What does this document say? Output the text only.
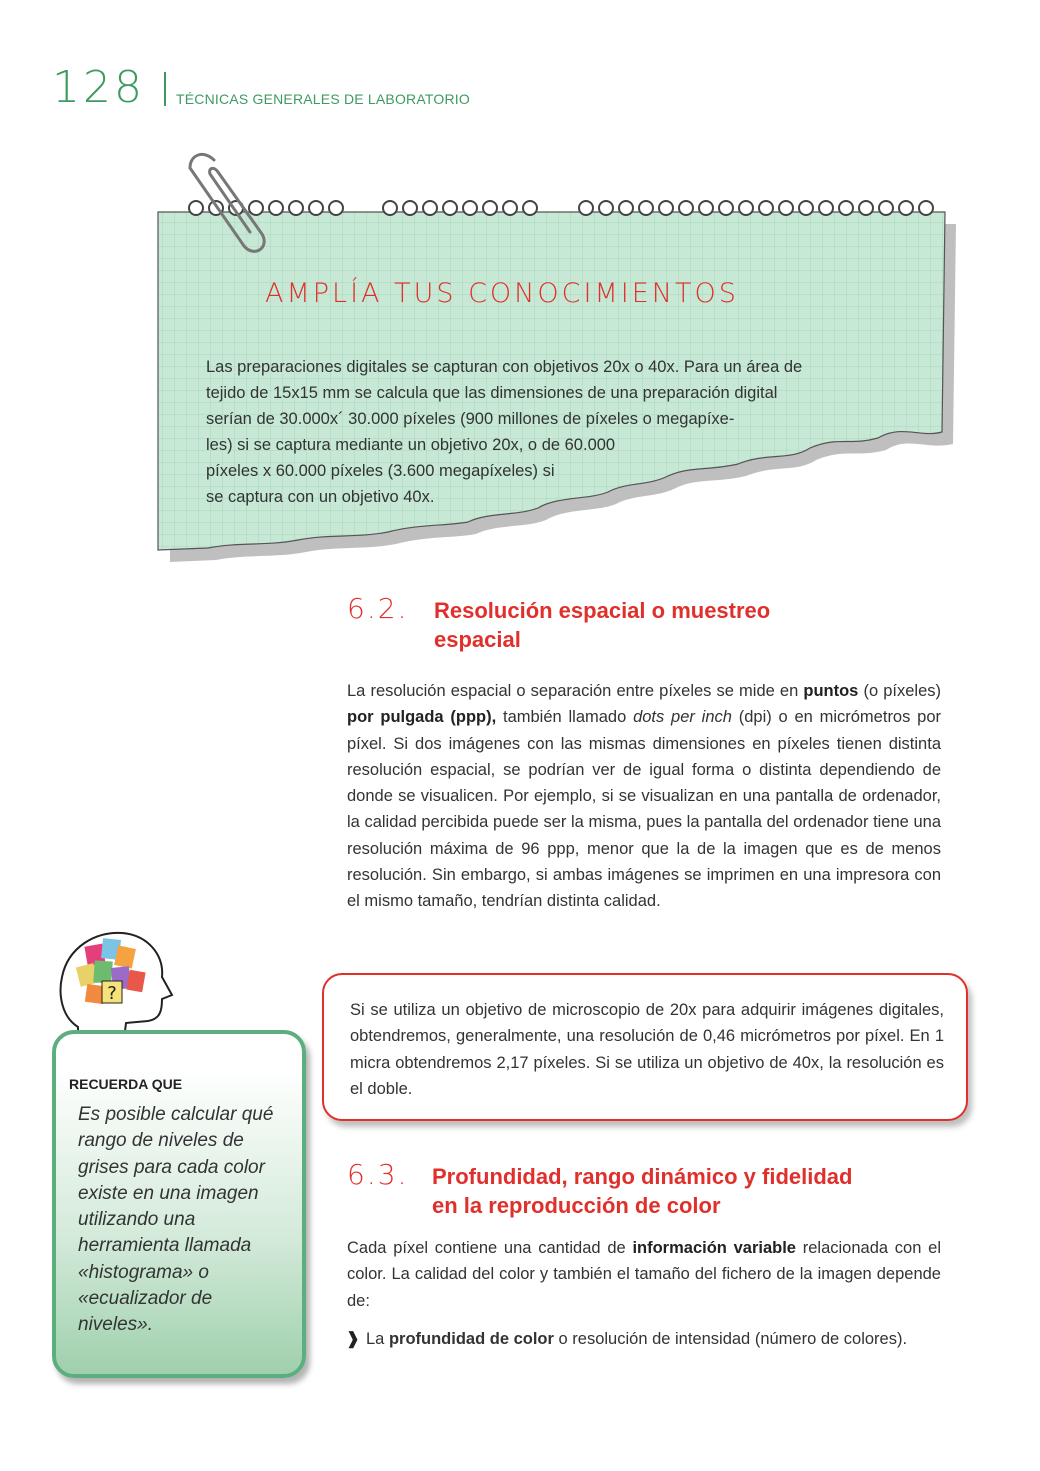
128 TÉCNICAS GENERALES DE LABORATORIO
AMPLÍA TUS CONOCIMIENTOS
Las preparaciones digitales se capturan con objetivos 20x o 40x. Para un área de
tejido de 15x15 mm se calcula que las dimensiones de una preparación digital
serían de 30.000x´ 30.000 píxeles (900 millones de píxeles o megapíxe-
les) si se captura mediante un objetivo 20x, o de 60.000
píxeles x 60.000 píxeles (3.600 megapíxeles) si
se captura con un objetivo 40x.
6.2. Resolución espacial o muestreo
espacial
La resolución espacial o separación entre píxeles se mide en puntos (o píxeles) por pulgada (ppp), también llamado dots per inch (dpi) o en micrómetros por píxel. Si dos imágenes con las mismas dimensiones en píxeles tienen distinta resolución espacial, se podrían ver de igual forma o distinta dependiendo de donde se visualicen. Por ejemplo, si se visualizan en una pantalla de ordenador, la calidad percibida puede ser la misma, pues la pantalla del ordenador tiene una resolución máxima de 96 ppp, menor que la de la imagen que es de menos resolución. Sin embargo, si ambas imágenes se imprimen en una impresora con el mismo tamaño, tendrían distinta calidad.
Si se utiliza un objetivo de microscopio de 20x para adquirir imágenes digitales, obtendremos, generalmente, una resolución de 0,46 micrómetros por píxel. En 1 micra obtendremos 2,17 píxeles. Si se utiliza un objetivo de 40x, la resolución es el doble.
?
RECUERDA QUE
Es posible calcular qué rango de niveles de grises para cada color existe en una imagen utilizando una herramienta llamada «histograma» o «ecualizador de niveles».
6.3. Profundidad, rango dinámico y fidelidad
en la reproducción de color
Cada píxel contiene una cantidad de información variable relacionada con el color. La calidad del color y también el tamaño del fichero de la imagen depende de:
❱ La profundidad de color o resolución de intensidad (número de colores).
